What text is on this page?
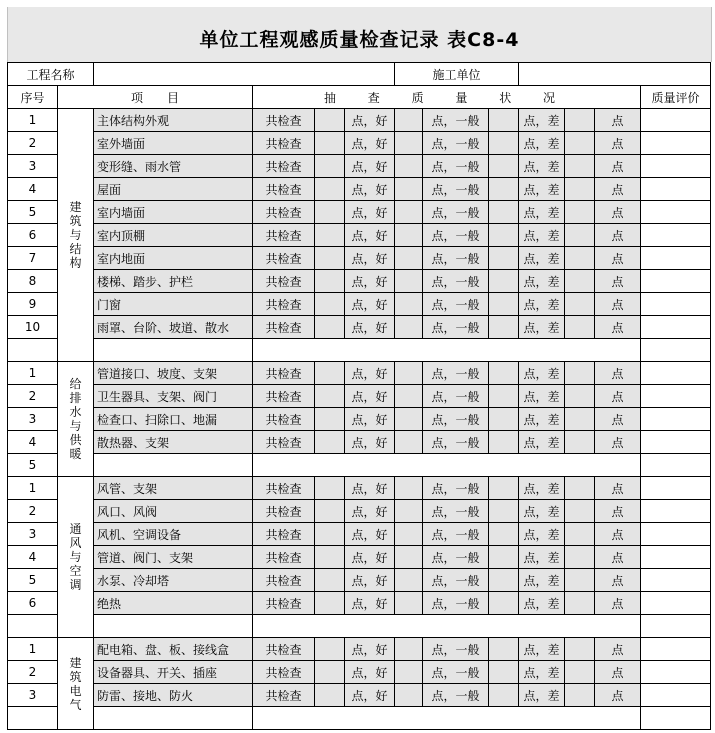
单位工程观感质量检查记录 表C8-4
工程名称						施工单位						
序号	项　　目		抽 查 质 量 状 况									质量评价
1	建筑与结构	主体结构外观	共检查		点，好		点，一般		点，差		点	
2		室外墙面	共检查		点，好		点，一般		点，差		点	
3		变形缝、雨水管	共检查		点，好		点，一般		点，差		点	
4		屋面	共检查		点，好		点，一般		点，差		点	
5		室内墙面	共检查		点，好		点，一般		点，差		点	
6		室内顶棚	共检查		点，好		点，一般		点，差		点	
7		室内地面	共检查		点，好		点，一般		点，差		点	
8		楼梯、踏步、护栏	共检查		点，好		点，一般		点，差		点	
9		门窗	共检查		点，好		点，一般		点，差		点	
10		雨罩、台阶、坡道、散水	共检查		点，好		点，一般		点，差		点	

1	给排水与供暖	管道接口、坡度、支架	共检查		点，好		点，一般		点，差		点	
2		卫生器具、支架、阀门	共检查		点，好		点，一般		点，差		点	
3		检查口、扫除口、地漏	共检查		点，好		点，一般		点，差		点	
4		散热器、支架	共检查		点，好		点，一般		点，差		点	
5												
1	通风与空调	风管、支架	共检查		点，好		点，一般		点，差		点	
2		风口、风阀	共检查		点，好		点，一般		点，差		点	
3		风机、空调设备	共检查		点，好		点，一般		点，差		点	
4		管道、阀门、支架	共检查		点，好		点，一般		点，差		点	
5		水泵、冷却塔	共检查		点，好		点，一般		点，差		点	
6		绝热	共检查		点，好		点，一般		点，差		点	

1	建筑电气	配电箱、盘、板、接线盒	共检查		点，好		点，一般		点，差		点	
2		设备器具、开关、插座	共检查		点，好		点，一般		点，差		点	
3		防雷、接地、防火	共检查		点，好		点，一般		点，差		点	
